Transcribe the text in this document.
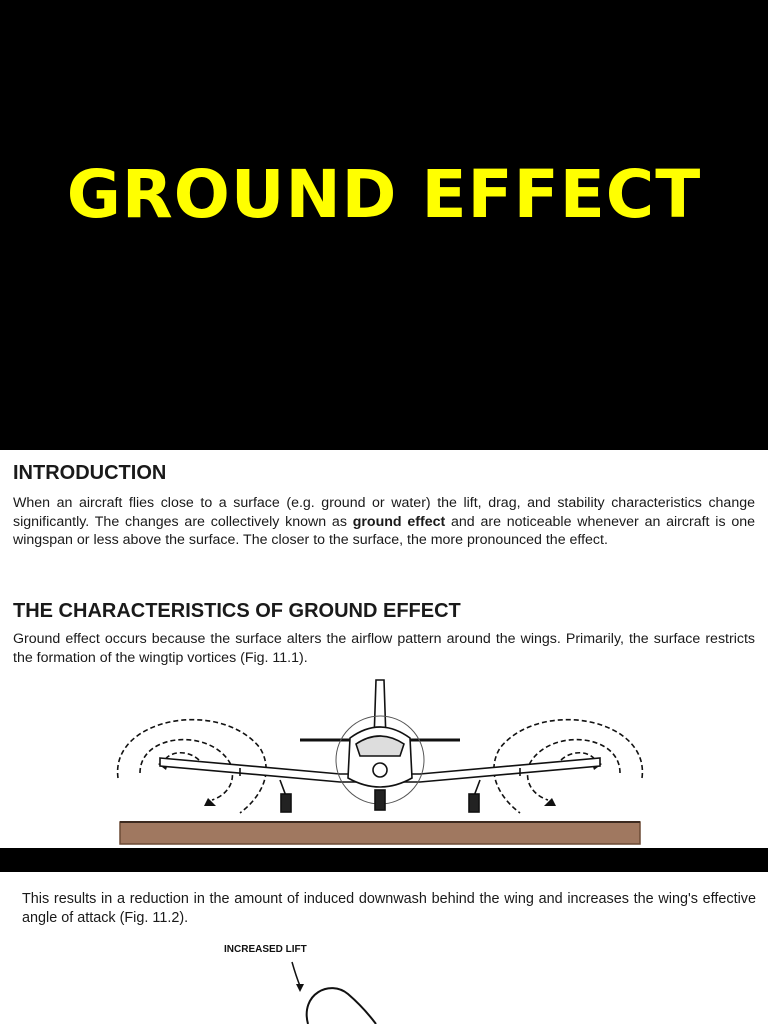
GROUND EFFECT
INTRODUCTION
When an aircraft flies close to a surface (e.g. ground or water) the lift, drag, and stability characteristics change significantly. The changes are collectively known as ground effect and are noticeable whenever an aircraft is one wingspan or less above the surface. The closer to the surface, the more pronounced the effect.
THE CHARACTERISTICS OF GROUND EFFECT
Ground effect occurs because the surface alters the airflow pattern around the wings. Primarily, the surface restricts the formation of the wingtip vortices (Fig. 11.1).
This results in a reduction in the amount of induced downwash behind the wing and increases the wing's effective angle of attack (Fig. 11.2).
INCREASED LIFT
